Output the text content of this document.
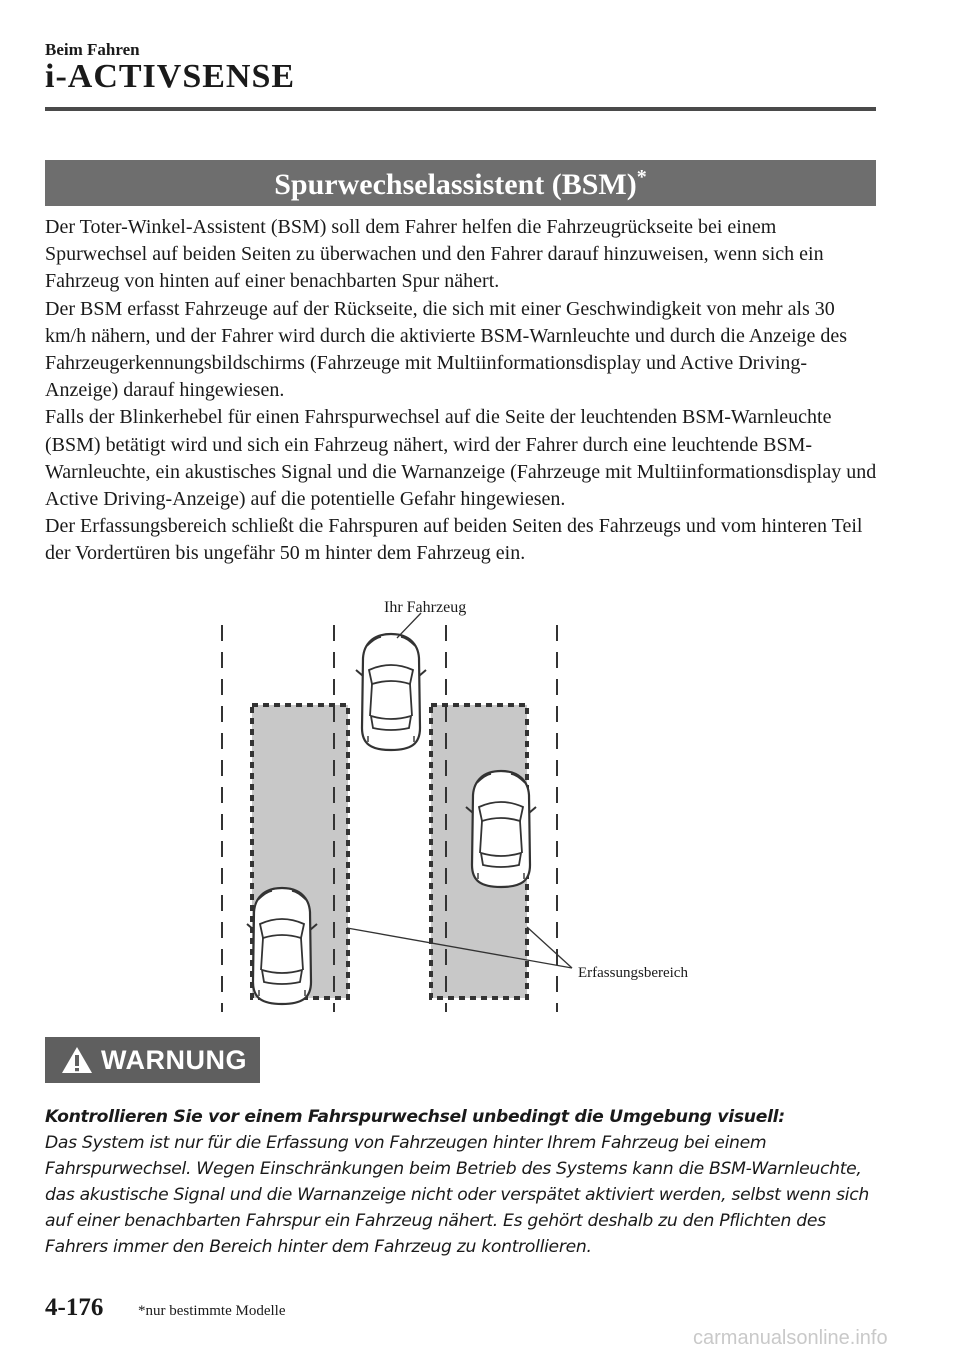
Beim Fahren
i-ACTIVSENSE
Spurwechselassistent (BSM)*

Der Toter-Winkel-Assistent (BSM) soll dem Fahrer helfen die Fahrzeugrückseite bei einem Spurwechsel auf beiden Seiten zu überwachen und den Fahrer darauf hinzuweisen, wenn sich ein Fahrzeug von hinten auf einer benachbarten Spur nähert.

Der BSM erfasst Fahrzeuge auf der Rückseite, die sich mit einer Geschwindigkeit von mehr als 30 km/h nähern, und der Fahrer wird durch die aktivierte BSM-Warnleuchte und durch die Anzeige des Fahrzeugerkennungsbildschirms (Fahrzeuge mit Multiinformationsdisplay und Active Driving-Anzeige) darauf hingewiesen.

Falls der Blinkerhebel für einen Fahrspurwechsel auf die Seite der leuchtenden BSM-Warnleuchte (BSM) betätigt wird und sich ein Fahrzeug nähert, wird der Fahrer durch eine leuchtende BSM-Warnleuchte, ein akustisches Signal und die Warnanzeige (Fahrzeuge mit Multiinformationsdisplay und Active Driving-Anzeige) auf die potentielle Gefahr hingewiesen.

Der Erfassungsbereich schließt die Fahrspuren auf beiden Seiten des Fahrzeugs und vom hinteren Teil der Vordertüren bis ungefähr 50 m hinter dem Fahrzeug ein.

Ihr Fahrzeug
Erfassungsbereich
WARNUNG

Kontrollieren Sie vor einem Fahrspurwechsel unbedingt die Umgebung visuell:

Das System ist nur für die Erfassung von Fahrzeugen hinter Ihrem Fahrzeug bei einem Fahrspurwechsel. Wegen Einschränkungen beim Betrieb des Systems kann die BSM-Warnleuchte, das akustische Signal und die Warnanzeige nicht oder verspätet aktiviert werden, selbst wenn sich auf einer benachbarten Fahrspur ein Fahrzeug nähert. Es gehört deshalb zu den Pflichten des Fahrers immer den Bereich hinter dem Fahrzeug zu kontrollieren.

4-176 *nur bestimmte Modelle
carmanualsonline.info
